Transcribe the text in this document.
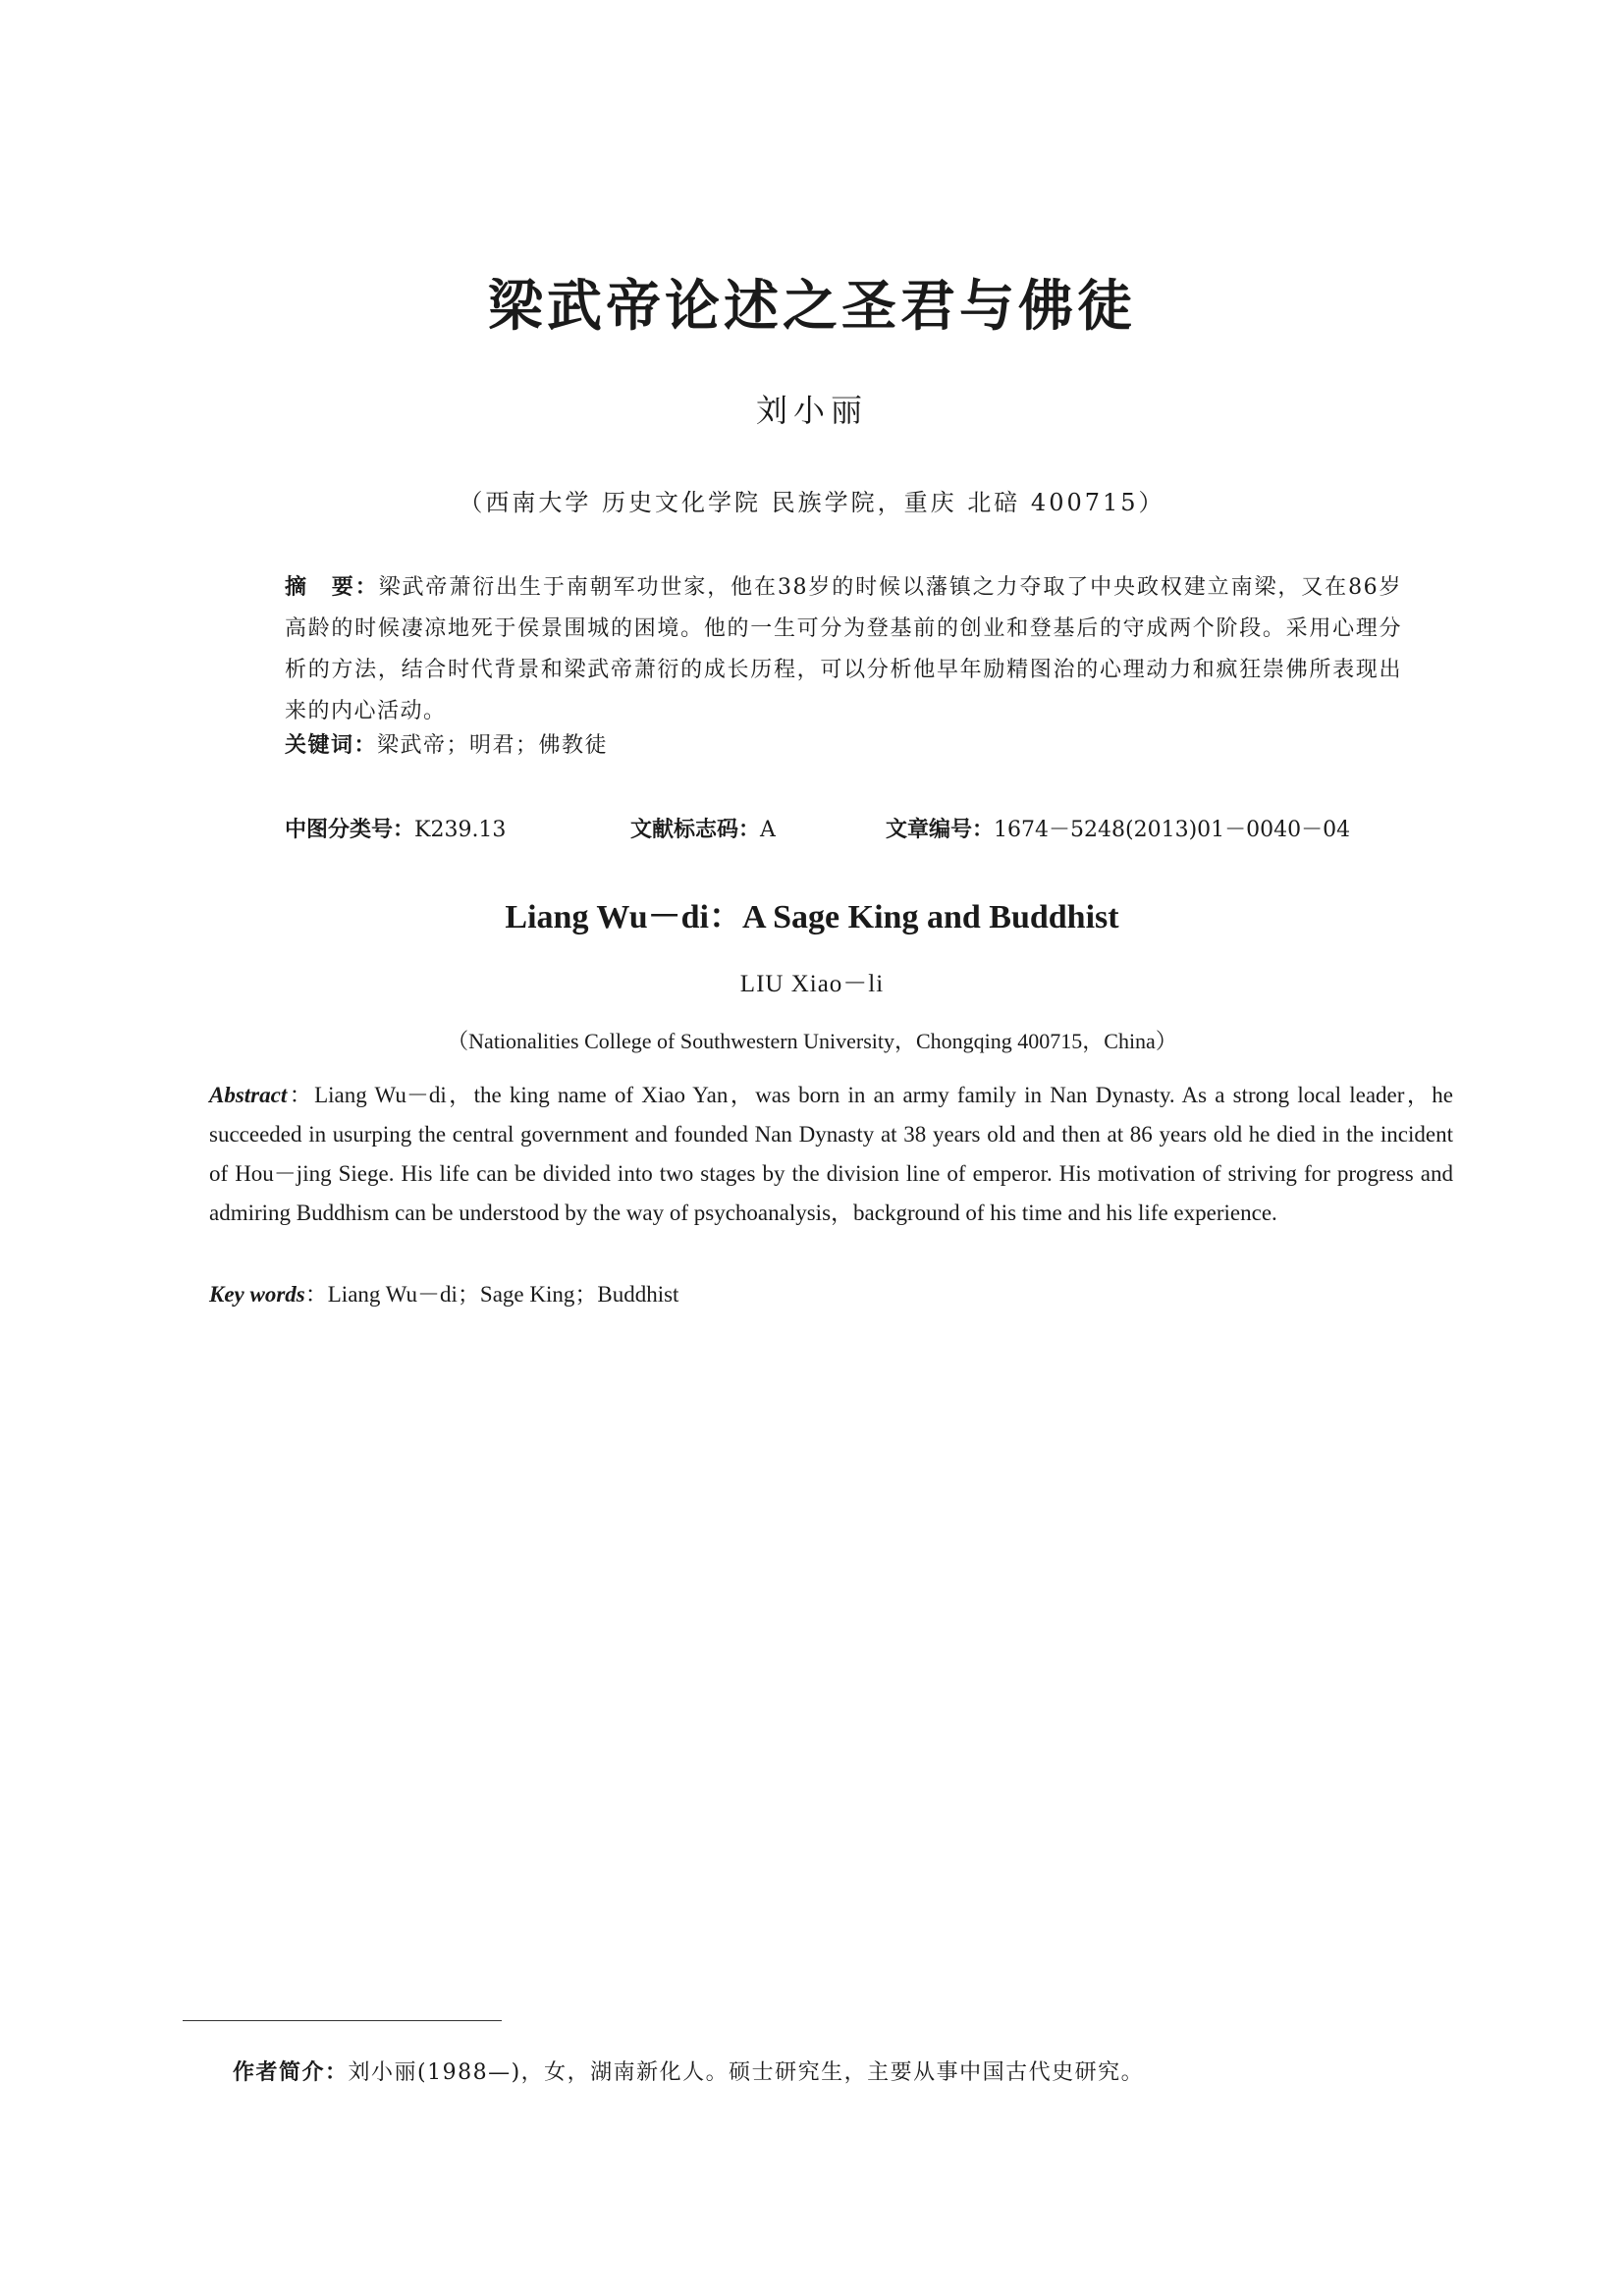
梁武帝论述之圣君与佛徒
刘小丽
（西南大学 历史文化学院 民族学院，重庆 北碚 400715）
摘　要：梁武帝萧衍出生于南朝军功世家，他在38岁的时候以藩镇之力夺取了中央政权建立南梁，又在86岁高龄的时候凄凉地死于侯景围城的困境。他的一生可分为登基前的创业和登基后的守成两个阶段。采用心理分析的方法，结合时代背景和梁武帝萧衍的成长历程，可以分析他早年励精图治的心理动力和疯狂崇佛所表现出来的内心活动。
关键词：梁武帝；明君；佛教徒
中图分类号：K239.13	文献标志码：A	文章编号：1674－5248(2013)01－0040－04
Liang Wu－di：A Sage King and Buddhist
LIU Xiao－li
（Nationalities College of Southwestern University，Chongqing 400715，China）
Abstract：Liang Wu－di，the king name of Xiao Yan，was born in an army family in Nan Dynasty. As a strong local leader，he succeeded in usurping the central government and founded Nan Dynasty at 38 years old and then at 86 years old he died in the incident of Hou－jing Siege. His life can be divided into two stages by the division line of emperor. His motivation of striving for progress and admiring Buddhism can be understood by the way of psychoanalysis，background of his time and his life experience.
Key words：Liang Wu－di；Sage King；Buddhist
作者简介：刘小丽(1988—)，女，湖南新化人。硕士研究生，主要从事中国古代史研究。
